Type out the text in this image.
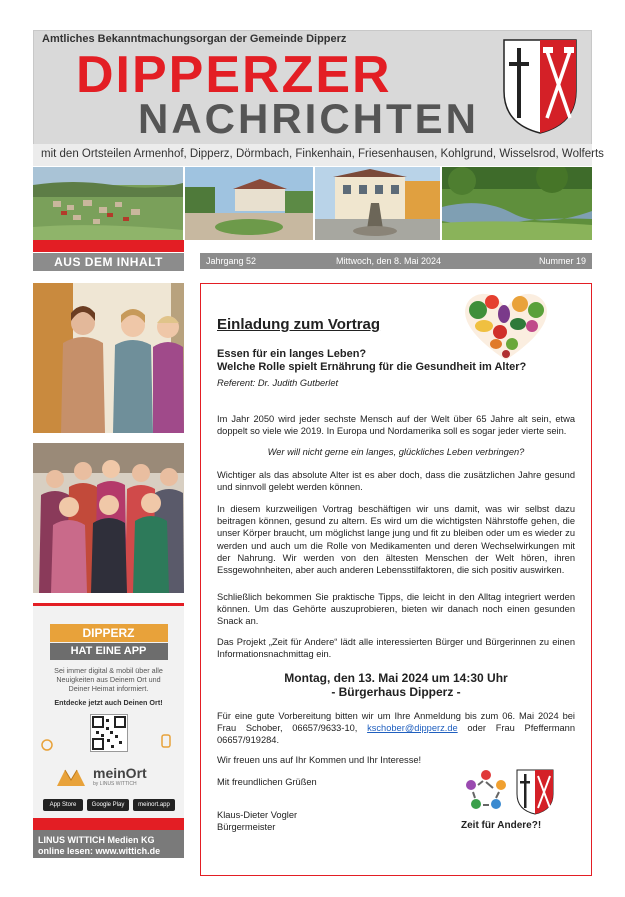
Amtliches Bekanntmachungsorgan der Gemeinde Dipperz
DIPPERZER
NACHRICHTEN
mit den Ortsteilen Armenhof, Dipperz, Dörmbach, Finkenhain, Friesenhausen, Kohlgrund, Wisselsrod, Wolferts
AUS DEM INHALT
DIPPERZ
HAT EINE APP
Sei immer digital & mobil über alle
Neuigkeiten aus Deinem Ort und
Deiner Heimat informiert.
Entdecke jetzt auch Deinen Ort!
meinOrt
by LINUS WITTICH
App Store	Google Play	meinort.app
LINUS WITTICH Medien KG
online lesen: www.wittich.de
Jahrgang 52	Mittwoch, den 8. Mai 2024	Nummer 19
Einladung zum Vortrag
Essen für ein langes Leben?
Welche Rolle spielt Ernährung für die Gesundheit im Alter?
Referent: Dr. Judith Gutberlet
Im Jahr 2050 wird jeder sechste Mensch auf der Welt über 65 Jahre alt sein, etwa doppelt so viele wie 2019. In Europa und Nordamerika soll es sogar jeder vierte sein.
Wer will nicht gerne ein langes, glückliches Leben verbringen?
Wichtiger als das absolute Alter ist es aber doch, dass die zusätzlichen Jahre gesund und sinnvoll gelebt werden können.
In diesem kurzweiligen Vortrag beschäftigen wir uns damit, was wir selbst dazu beitragen können, gesund zu altern. Es wird um die wichtigsten Nährstoffe gehen, die unser Körper braucht, um möglichst lange jung und fit zu bleiben oder um es wieder zu werden und auch um die Rolle von Medikamenten und deren Wechselwirkungen mit der Nahrung. Wir werden von den ältesten Menschen der Welt hören, ihren Essgewohnheiten, aber auch anderen Lebensstilfaktoren, die sich positiv auswirken.
Schließlich bekommen Sie praktische Tipps, die leicht in den Alltag integriert werden können. Um das Gehörte auszuprobieren, bieten wir danach noch einen gesunden Snack an.
Das Projekt „Zeit für Andere“ lädt alle interessierten Bürger und Bürgerinnen zu einen Informationsnachmittag ein.
Montag, den 13. Mai 2024 um 14:30 Uhr
- Bürgerhaus Dipperz -
Für eine gute Vorbereitung bitten wir um Ihre Anmeldung bis zum 06. Mai 2024 bei Frau Schober, 06657/9633-10, kschober@dipperz.de oder Frau Pfeffermann 06657/919284.
Wir freuen uns auf Ihr Kommen und Ihr Interesse!
Mit freundlichen Grüßen
Klaus-Dieter Vogler
Bürgermeister	Zeit für Andere?!
